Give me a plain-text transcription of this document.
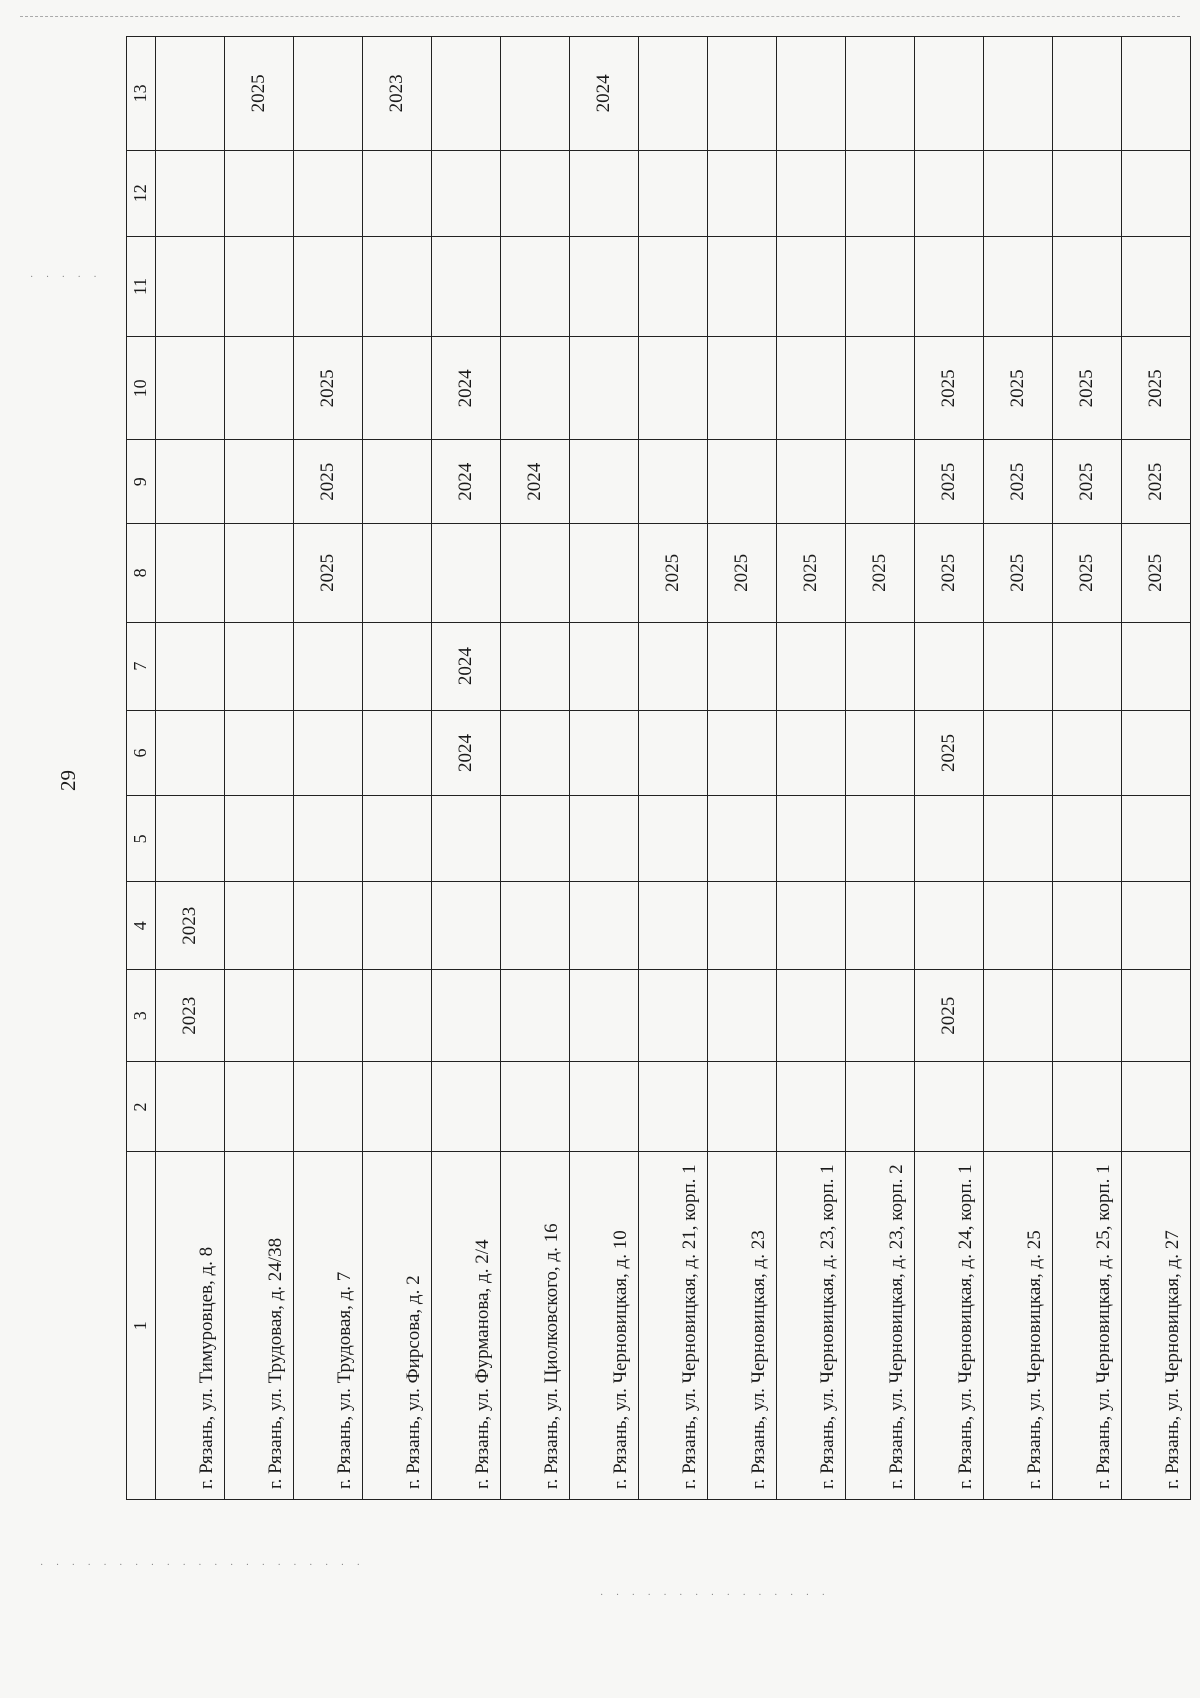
29
1	2	3	4	5	6	7	8	9	10	11	12	13
г. Рязань, ул. Тимуровцев, д. 8		2023	2023									
г. Рязань, ул. Трудовая, д. 24/38												2025
г. Рязань, ул. Трудовая, д. 7							2025	2025	2025			
г. Рязань, ул. Фирсова, д. 2												2023
г. Рязань, ул. Фурманова, д. 2/4					2024	2024		2024	2024			
г. Рязань, ул. Циолковского, д. 16								2024				
г. Рязань, ул. Черновицкая, д. 10												2024
г. Рязань, ул. Черновицкая, д. 21, корп. 1							2025					
г. Рязань, ул. Черновицкая, д. 23							2025					
г. Рязань, ул. Черновицкая, д. 23, корп. 1							2025					
г. Рязань, ул. Черновицкая, д. 23, корп. 2							2025					
г. Рязань, ул. Черновицкая, д. 24, корп. 1		2025			2025		2025	2025	2025			
г. Рязань, ул. Черновицкая, д. 25							2025	2025	2025			
г. Рязань, ул. Черновицкая, д. 25, корп. 1							2025	2025	2025			
г. Рязань, ул. Черновицкая, д. 27							2025	2025	2025			
· · · · ·
· · · · · · · · · · · · · · · · · · · · ·
· · · · · · · · · · · · · · ·
